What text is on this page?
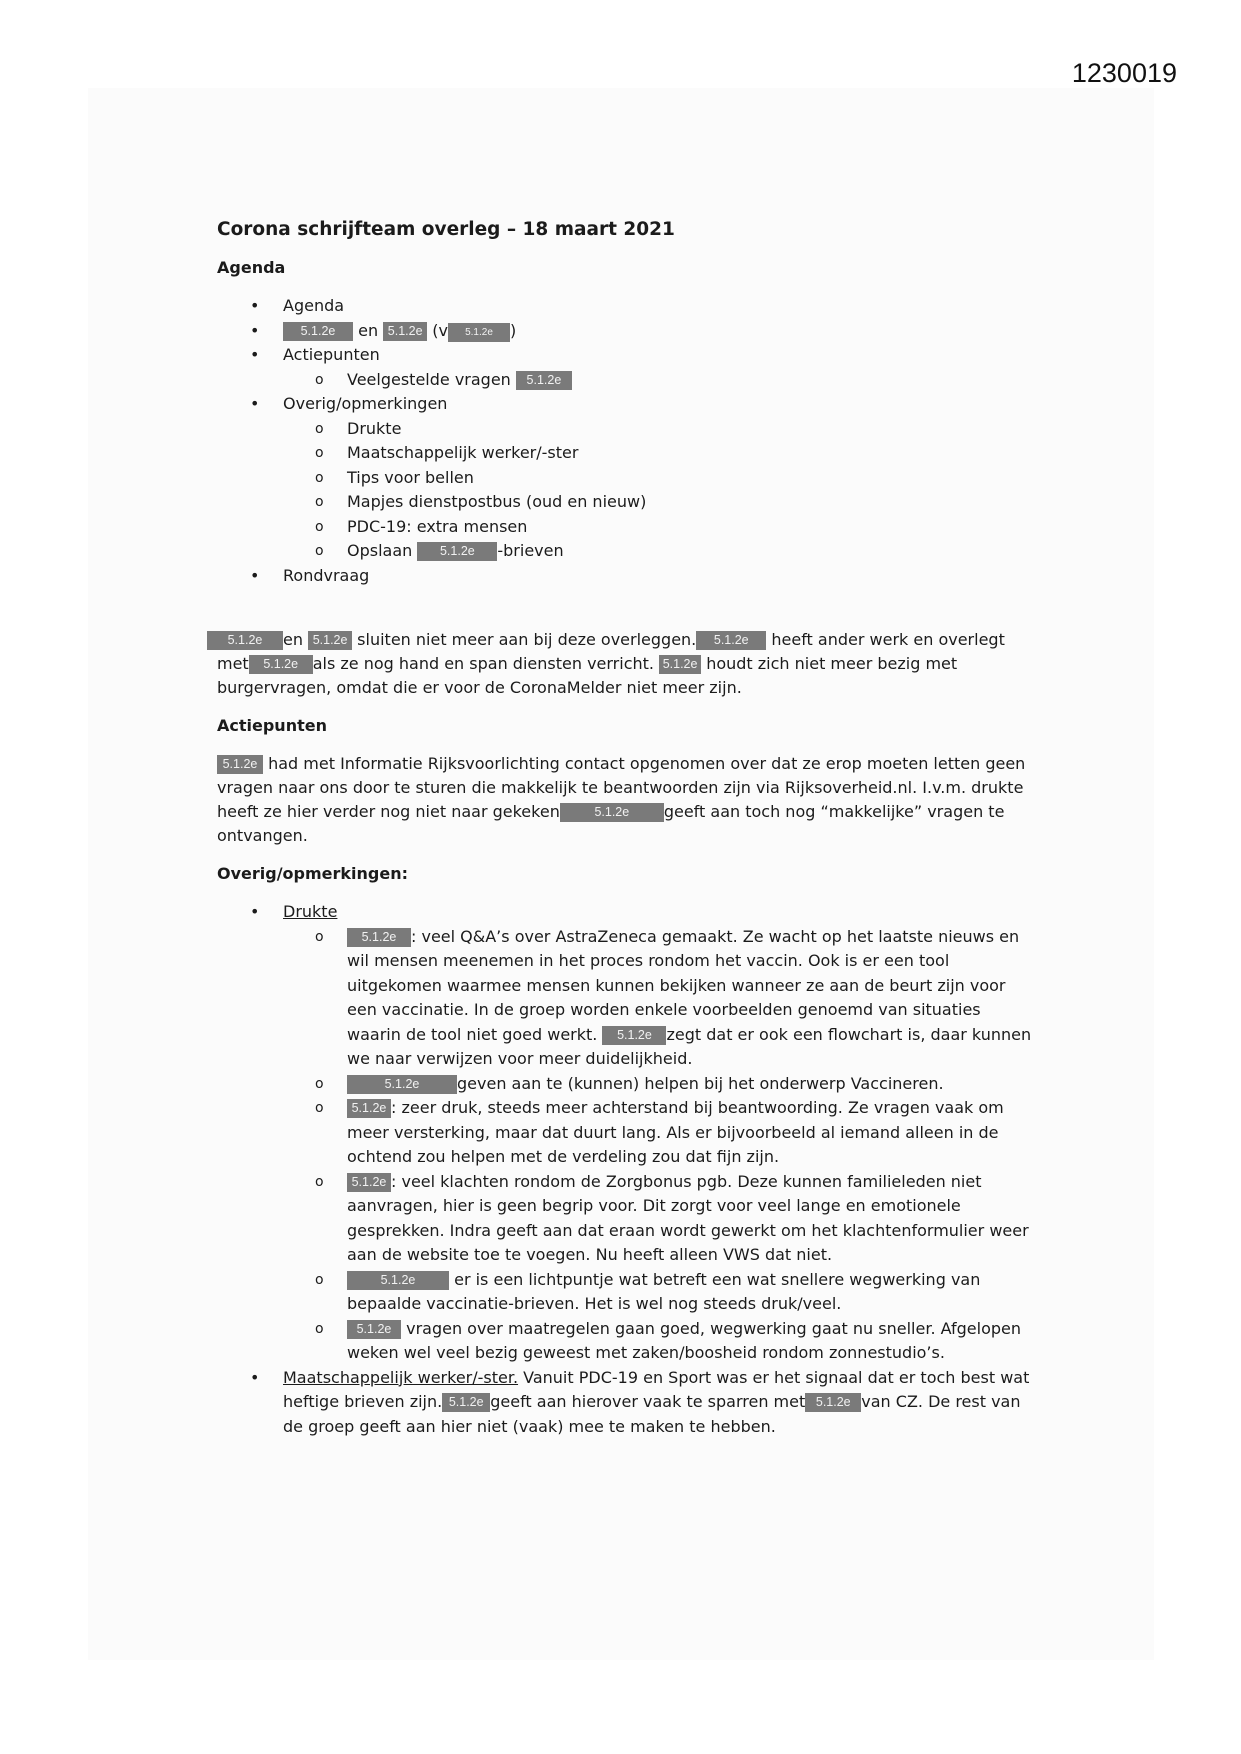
1230019
Corona schrijfteam overleg – 18 maart 2021
Agenda
• Agenda
• 5.1.2e en 5.1.2e (v 5.1.2e )
• Actiepunten
o Veelgestelde vragen 5.1.2e
• Overig/opmerkingen
o Drukte
o Maatschappelijk werker/-ster
o Tips voor bellen
o Mapjes dienstpostbus (oud en nieuw)
o PDC-19: extra mensen
o Opslaan 5.1.2e -brieven
• Rondvraag

5.1.2e en 5.1.2e sluiten niet meer aan bij deze overleggen. 5.1.2e heeft ander werk en overlegt met 5.1.2e als ze nog hand en span diensten verricht. 5.1.2e houdt zich niet meer bezig met burgervragen, omdat die er voor de CoronaMelder niet meer zijn.

Actiepunten

5.1.2e had met Informatie Rijksvoorlichting contact opgenomen over dat ze erop moeten letten geen vragen naar ons door te sturen die makkelijk te beantwoorden zijn via Rijksoverheid.nl. I.v.m. drukte heeft ze hier verder nog niet naar gekeken	5.1.2e geeft aan toch nog “makkelijke” vragen te ontvangen.

Overig/opmerkingen:
• Drukte
o 5.1.2e : veel Q&A’s over AstraZeneca gemaakt. Ze wacht op het laatste nieuws en wil mensen meenemen in het proces rondom het vaccin. Ook is er een tool uitgekomen waarmee mensen kunnen bekijken wanneer ze aan de beurt zijn voor een vaccinatie. In de groep worden enkele voorbeelden genoemd van situaties waarin de tool niet goed werkt. 5.1.2e zegt dat er ook een flowchart is, daar kunnen we naar verwijzen voor meer duidelijkheid.
o 5.1.2e geven aan te (kunnen) helpen bij het onderwerp Vaccineren.
o 5.1.2e : zeer druk, steeds meer achterstand bij beantwoording. Ze vragen vaak om meer versterking, maar dat duurt lang. Als er bijvoorbeeld al iemand alleen in de ochtend zou helpen met de verdeling zou dat fijn zijn.
o 5.1.2e : veel klachten rondom de Zorgbonus pgb. Deze kunnen familieleden niet aanvragen, hier is geen begrip voor. Dit zorgt voor veel lange en emotionele gesprekken. Indra geeft aan dat eraan wordt gewerkt om het klachtenformulier weer aan de website toe te voegen. Nu heeft alleen VWS dat niet.
o 5.1.2e er is een lichtpuntje wat betreft een wat snellere wegwerking van bepaalde vaccinatie-brieven. Het is wel nog steeds druk/veel.
o 5.1.2e vragen over maatregelen gaan goed, wegwerking gaat nu sneller. Afgelopen weken wel veel bezig geweest met zaken/boosheid rondom zonnestudio’s.
• Maatschappelijk werker/-ster. Vanuit PDC-19 en Sport was er het signaal dat er toch best wat heftige brieven zijn. 5.1.2e geeft aan hierover vaak te sparren met 5.1.2e van CZ. De rest van de groep geeft aan hier niet (vaak) mee te maken te hebben.
